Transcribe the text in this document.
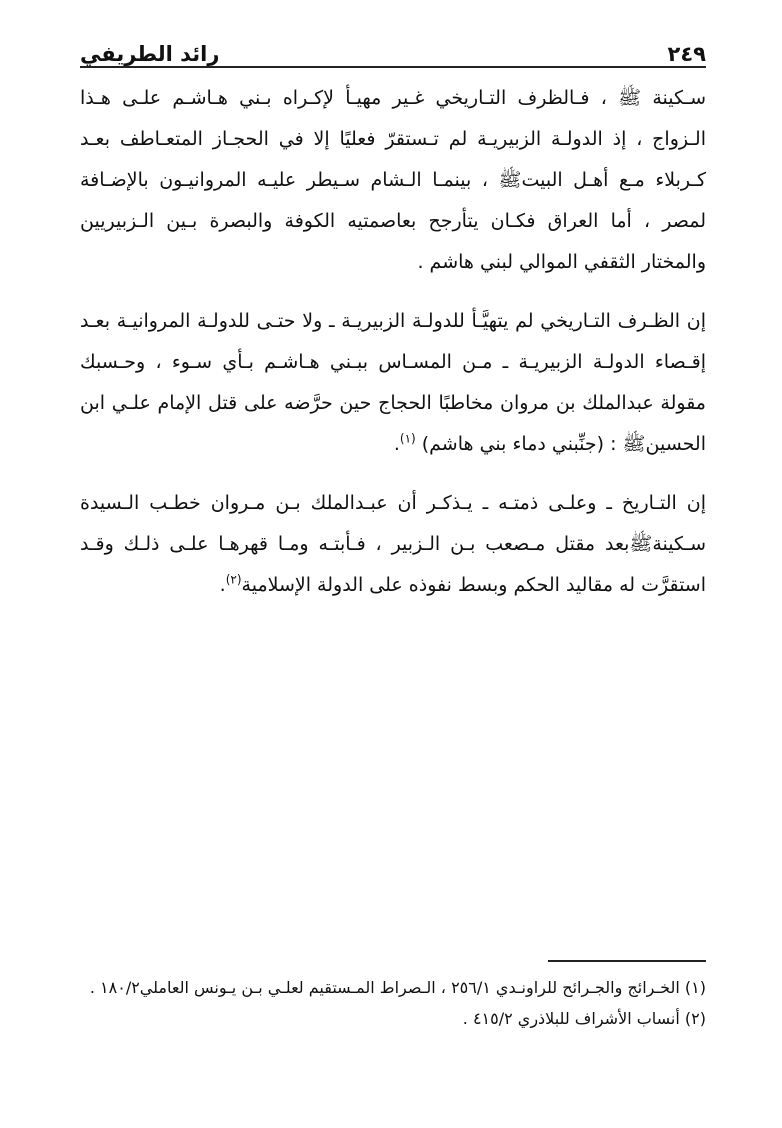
٢٤٩
رائد الطريفي

سـكينة ﷺ ، فـالظرف التـاريخي غـير مهيـأ لإكـراه بـني هـاشـم علـى هـذا الـزواج ، إذ الدولـة الزبيريـة لم تـستقرّ فعليًا إلا في الحجـاز المتعـاطف بعـد كـربلاء مـع أهـل البيتﷺ ، بينمـا الـشام سـيطر عليـه المروانيـون بالإضـافة لمصر ، أما العراق فكـان يتأرجح بعاصمتيه الكوفة والبصرة بـين الـزبيريين والمختار الثقفي الموالي لبني هاشم .

إن الظـرف التـاريخي لم يتهيَّـأ للدولـة الزبيريـة ـ ولا حتـى للدولـة المروانيـة بعـد إقـصاء الدولـة الزبيريـة ـ مـن المسـاس ببـني هـاشـم بـأي سـوء ، وحـسبك مقولة عبدالملك بن مروان مخاطبًا الحجاج حين حرَّضه على قتل الإمام علـي ابن الحسينﷺ : (جنِّبني دماء بني هاشم) $^{(١)}$.

إن التـاريخ ـ وعلـى ذمتـه ـ يـذكـر أن عبـدالملك بـن مـروان خطـب الـسيدة سـكينةﷺبعد مقتل مـصعب بـن الـزبير ، فـأبتـه ومـا قهرهـا علـى ذلـك وقـد استقرَّت له مقاليد الحكم وبسط نفوذه على الدولة الإسلامية$^{(٢)}$.

(١) الخـرائج والجـرائح للراونـدي ٢٥٦/١ ، الـصراط المـستقيم لعلـي بـن يـونس العاملي١٨٠/٢ .

(٢) أنساب الأشراف للبلاذري ٤١٥/٢ .
